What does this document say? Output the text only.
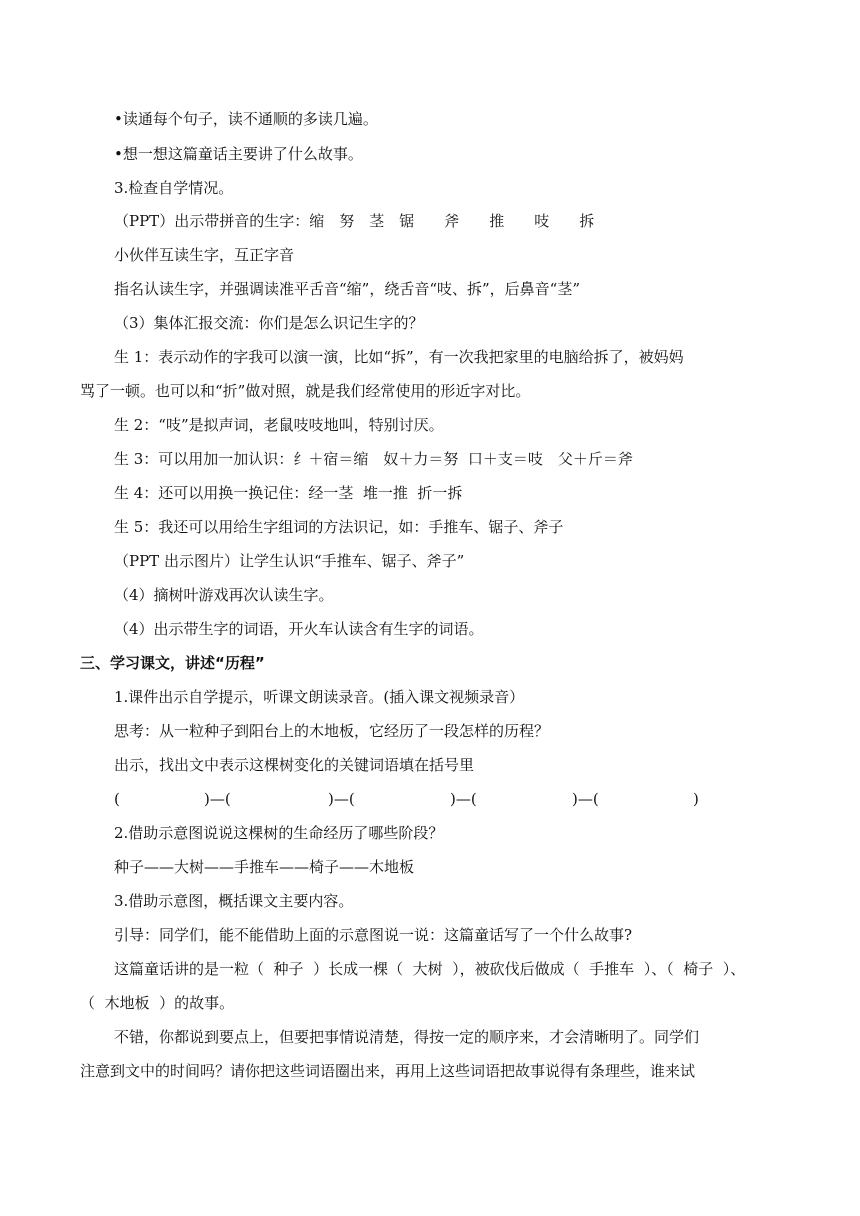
•读通每个句子，读不通顺的多读几遍。
•想一想这篇童话主要讲了什么故事。
3.检查自学情况。
（PPT）出示带拼音的生字：缩　努　茎　锯　　斧　　推　　吱　　拆
小伙伴互读生字，互正字音
指名认读生字，并强调读准平舌音“缩”，绕舌音“吱、拆”，后鼻音“茎”
（3）集体汇报交流：你们是怎么识记生字的？
生 1：表示动作的字我可以演一演，比如“拆”，有一次我把家里的电脑给拆了，被妈妈
骂了一顿。也可以和“折”做对照，就是我们经常使用的形近字对比。
生 2：“吱”是拟声词，老鼠吱吱地叫，特别讨厌。
生 3：可以用加一加认识：纟＋宿＝缩　奴＋力＝努  口＋支＝吱　父＋斤＝斧
生 4：还可以用换一换记住：经一茎  堆一推  折一拆
生 5：我还可以用给生字组词的方法识记，如：手推车、锯子、斧子
（PPT 出示图片）让学生认识“手推车、锯子、斧子”
（4）摘树叶游戏再次认读生字。
（4）出示带生字的词语，开火车认读含有生字的词语。
三、学习课文，讲述“历程”
1.课件出示自学提示，听课文朗读录音。(插入课文视频录音）
思考：从一粒种子到阳台上的木地板，它经历了一段怎样的历程？
出示，找出文中表示这棵树变化的关键词语填在括号里
(	)—(	)—(	)—(	)—(	)
2.借助示意图说说这棵树的生命经历了哪些阶段？
种子——大树——手推车——椅子——木地板
3.借助示意图，概括课文主要内容。
引导：同学们，能不能借助上面的示意图说一说：这篇童话写了一个什么故事?
这篇童话讲的是一粒（  种子  ）长成一棵（  大树  ），被砍伐后做成（  手推车  ）、（  椅子  ）、
（  木地板  ）的故事。
不错，你都说到要点上，但要把事情说清楚，得按一定的顺序来，才会清晰明了。同学们
注意到文中的时间吗？请你把这些词语圈出来，再用上这些词语把故事说得有条理些，谁来试
